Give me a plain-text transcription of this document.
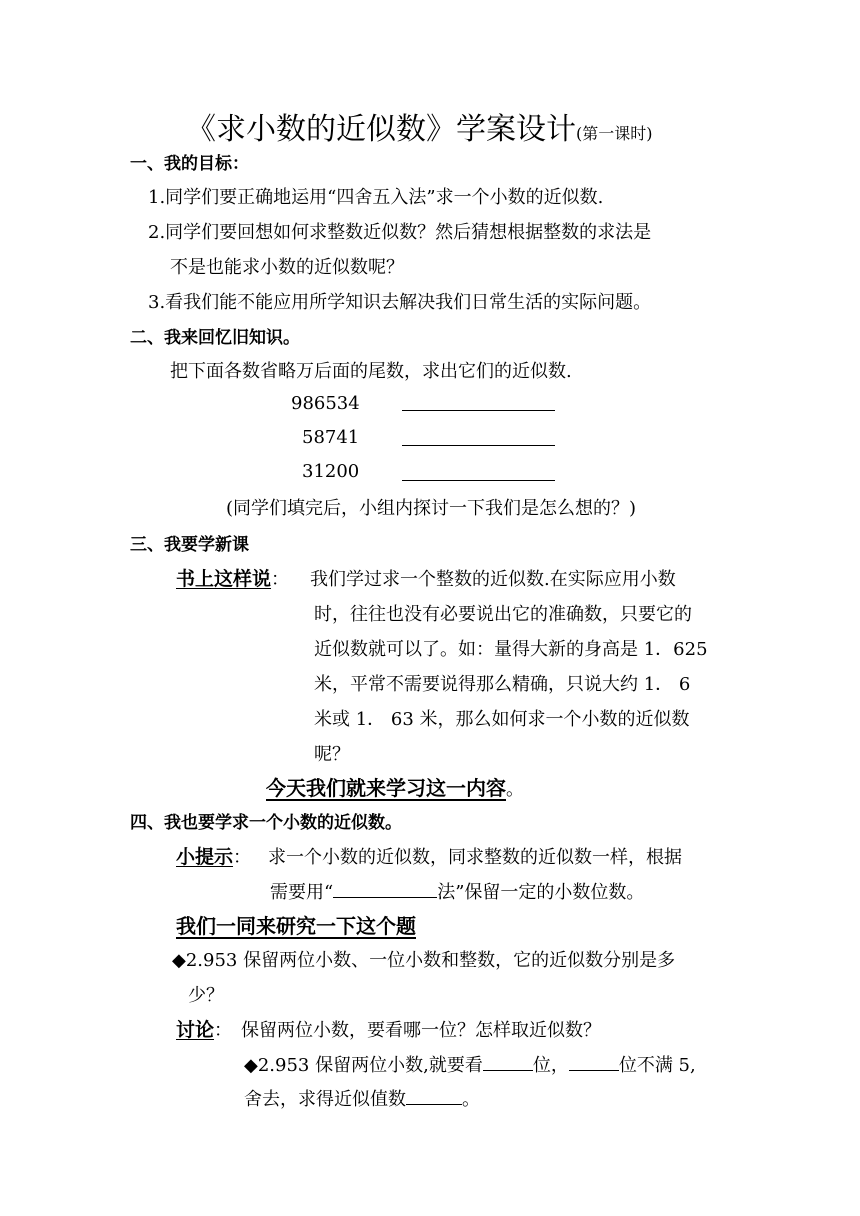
《求小数的近似数》学案设计(第一课时)
一、我的目标：
1.同学们要正确地运用“四舍五入法”求一个小数的近似数.
2.同学们要回想如何求整数近似数？然后猜想根据整数的求法是
不是也能求小数的近似数呢？
3.看我们能不能应用所学知识去解决我们日常生活的实际问题。
二、我来回忆旧知识。
把下面各数省略万后面的尾数，求出它们的近似数.
986534
58741
31200
(同学们填完后，小组内探讨一下我们是怎么想的？)
三、我要学新课
书上这样说： 我们学过求一个整数的近似数.在实际应用小数
时，往往也没有必要说出它的准确数，只要它的
近似数就可以了。如：量得大新的身高是 1．625
米，平常不需要说得那么精确，只说大约 1． 6
米或 1． 63 米，那么如何求一个小数的近似数
呢？
今天我们就来学习这一内容。
四、我也要学求一个小数的近似数。
小提示： 求一个小数的近似数，同求整数的近似数一样，根据
需要用“	法”保留一定的小数位数。
我们一同来研究一下这个题
◆2.953 保留两位小数、一位小数和整数，它的近似数分别是多
少？
讨论： 保留两位小数，要看哪一位？怎样取近似数？
◆2.953 保留两位小数,就要看	位，	位不满 5,
舍去，求得近似值数	。
